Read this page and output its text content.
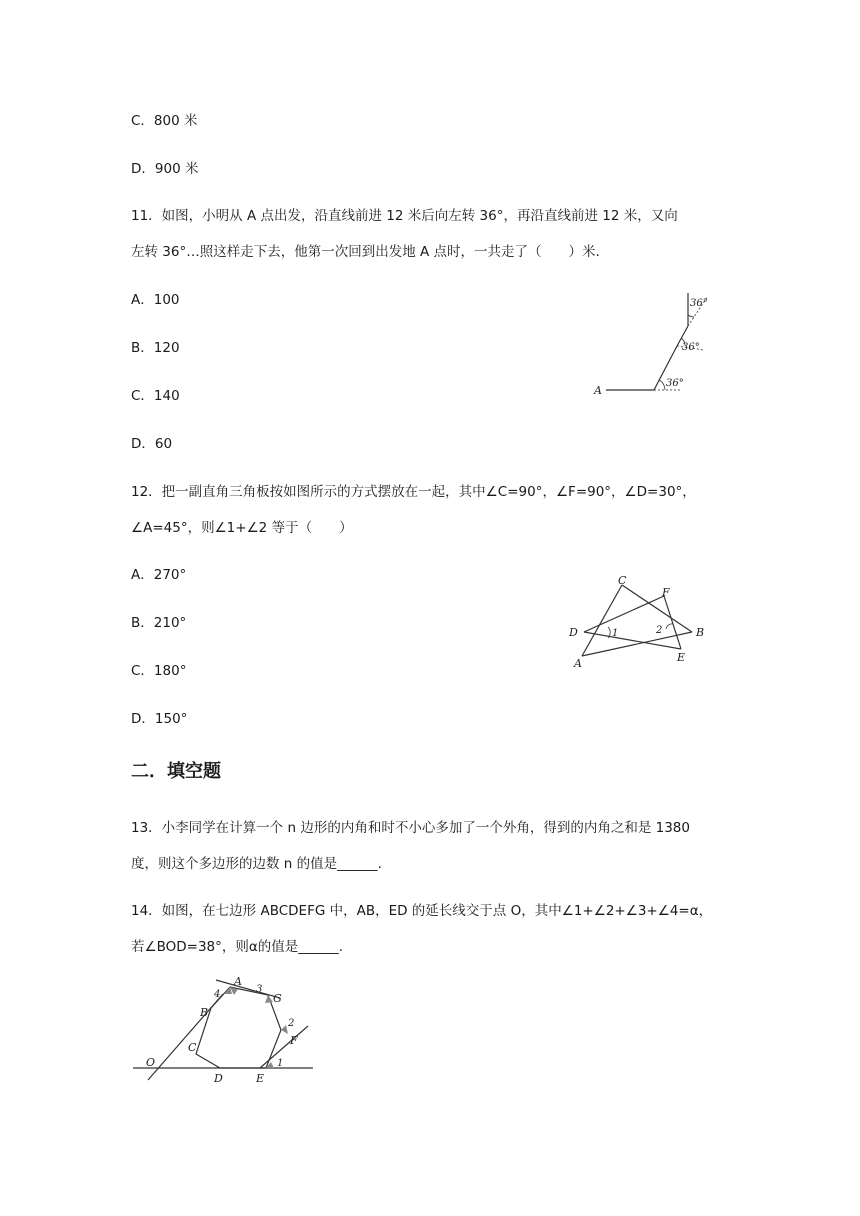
C．800 米
D．900 米
11．如图，小明从 A 点出发，沿直线前进 12 米后向左转 36°，再沿直线前进 12 米，又向
左转 36°…照这样走下去，他第一次回到出发地 A 点时，一共走了（　　）米.
A．100
B．120
C．140
D．60
A
36°
36°
36°
12．把一副直角三角板按如图所示的方式摆放在一起，其中∠C=90°，∠F=90°，∠D=30°，
∠A=45°，则∠1+∠2 等于（　　）
A．270°
B．210°
C．180°
D．150°
C
F
D	1	2	B
A	E
二．填空题
13．小李同学在计算一个 n 边形的内角和时不小心多加了一个外角，得到的内角之和是 1380
度，则这个多边形的边数 n 的值是______.
14．如图，在七边形 ABCDEFG 中，AB，ED 的延长线交于点 O，其中∠1+∠2+∠3+∠4=α，
若∠BOD=38°，则α的值是______.
A
3
G
4
B
2
F
C
O
D	E
1
